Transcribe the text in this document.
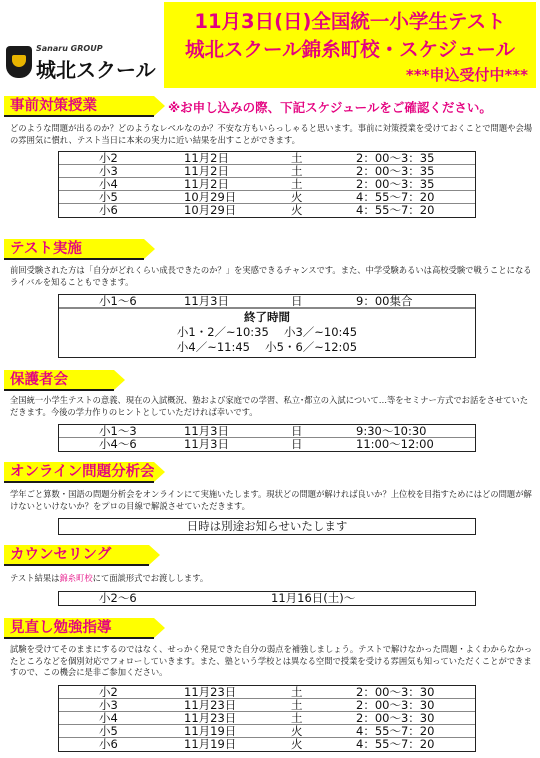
Sanaru GROUP
城北スクール
11月3日(日)全国統一小学生テスト
城北スクール錦糸町校・スケジュール
***申込受付中***
事前対策授業	※お申し込みの際、下記スケジュールをご確認ください。
どのような問題が出るのか？どのようなレベルなのか？不安な方もいらっしゃると思います。事前に対策授業を受けておくことで問題や会場の雰囲気に慣れ、テスト当日に本来の実力に近い結果を出すことができます。
小2	11月2日	土	2：00～3：35
小3	11月2日	土	2：00～3：35
小4	11月2日	土	2：00～3：35
小5	10月29日	火	4：55～7：20
小6	10月29日	火	4：55～7：20
テスト実施
前回受験された方は「自分がどれくらい成長できたのか？」を実感できるチャンスです。また、中学受験あるいは高校受験で戦うことになるライバルを知ることもできます。
小1～6	11月3日	日	9：00集合
終了時間
小1・2／~10:35　 小3／~10:45
小4／~11:45　 小5・6／~12:05
保護者会
全国統一小学生テストの意義、現在の入試概況、塾および家庭での学習、私立･都立の入試について…等をセミナー方式でお話をさせていただきます。今後の学力作りのヒントとしていただければ幸いです。
小1～3	11月3日	日	9:30～10:30
小4～6	11月3日	日	11:00～12:00
オンライン問題分析会
学年ごと算数・国語の問題分析会をオンラインにて実施いたします。現状どの問題が解ければ良いか？上位校を目指すためにはどの問題が解けないといけないか？をプロの目線で解説させていただきます。
日時は別途お知らせいたします
カウンセリング
テスト結果は錦糸町校にて面談形式でお渡しします。
小2～6	11月16日(土)～
見直し勉強指導
試験を受けてそのままにするのではなく、せっかく発見できた自分の弱点を補強しましょう。テストで解けなかった問題・よくわからなかったところなどを個別対応でフォローしていきます。また、塾という学校とは異なる空間で授業を受ける雰囲気も知っていただくことができますので、この機会に是非ご参加ください。
小2	11月23日	土	2：00～3：30
小3	11月23日	土	2：00～3：30
小4	11月23日	土	2：00～3：30
小5	11月19日	火	4：55～7：20
小6	11月19日	火	4：55～7：20
